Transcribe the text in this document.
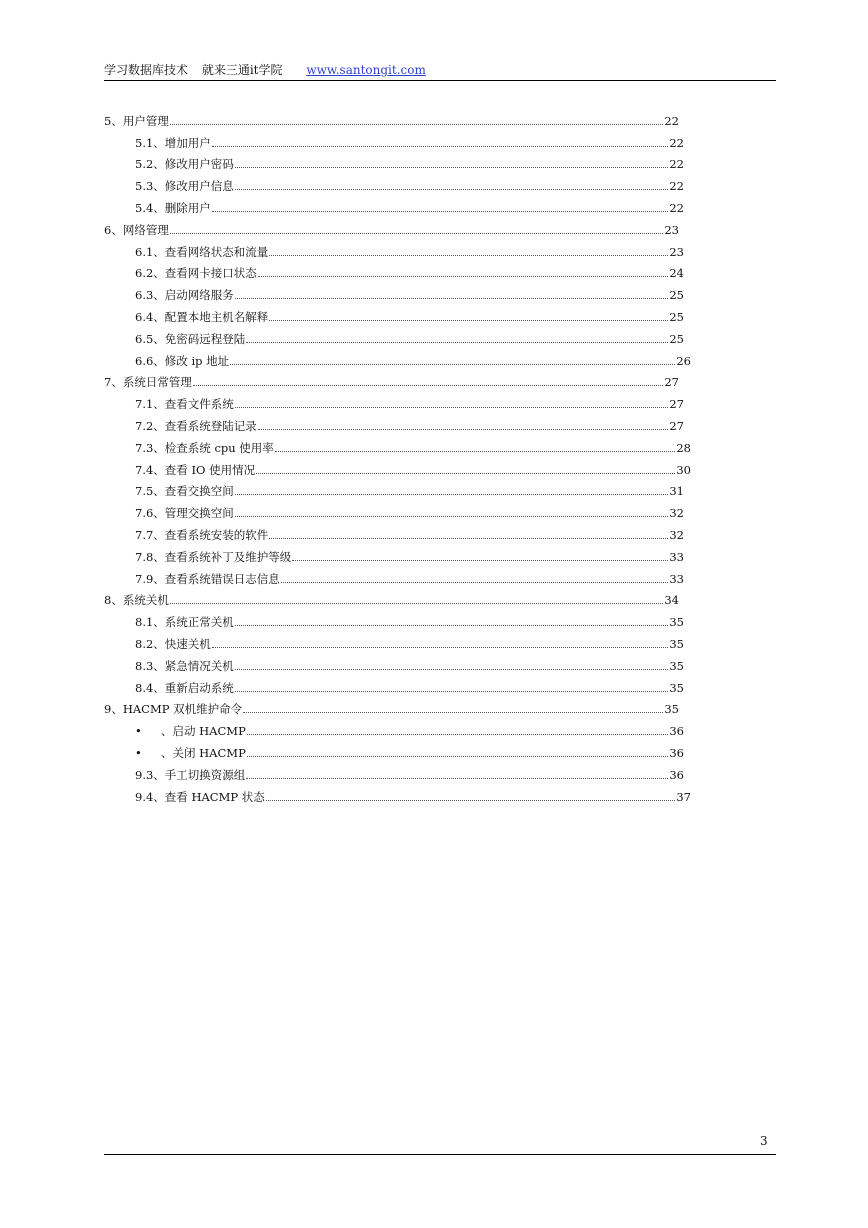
学习数据库技术 就来三通it学院 www.santongit.com
5、用户管理	22
5.1、增加用户	22
5.2、修改用户密码	22
5.3、修改用户信息	22
5.4、删除用户	22
6、网络管理	23
6.1、查看网络状态和流量	23
6.2、查看网卡接口状态	24
6.3、启动网络服务	25
6.4、配置本地主机名解释	25
6.5、免密码远程登陆	25
6.6、修改 ip 地址	26
7、系统日常管理	27
7.1、查看文件系统	27
7.2、查看系统登陆记录	27
7.3、检查系统 cpu 使用率	28
7.4、查看 IO 使用情况	30
7.5、查看交换空间	31
7.6、管理交换空间	32
7.7、查看系统安装的软件	32
7.8、查看系统补丁及维护等级	33
7.9、查看系统错误日志信息	33
8、系统关机	34
8.1、系统正常关机	35
8.2、快速关机	35
8.3、紧急情况关机	35
8.4、重新启动系统	35
9、HACMP 双机维护命令	35
•	、启动 HACMP	36
•	、关闭 HACMP	36
9.3、手工切换资源组	36
9.4、查看 HACMP 状态	37
3
